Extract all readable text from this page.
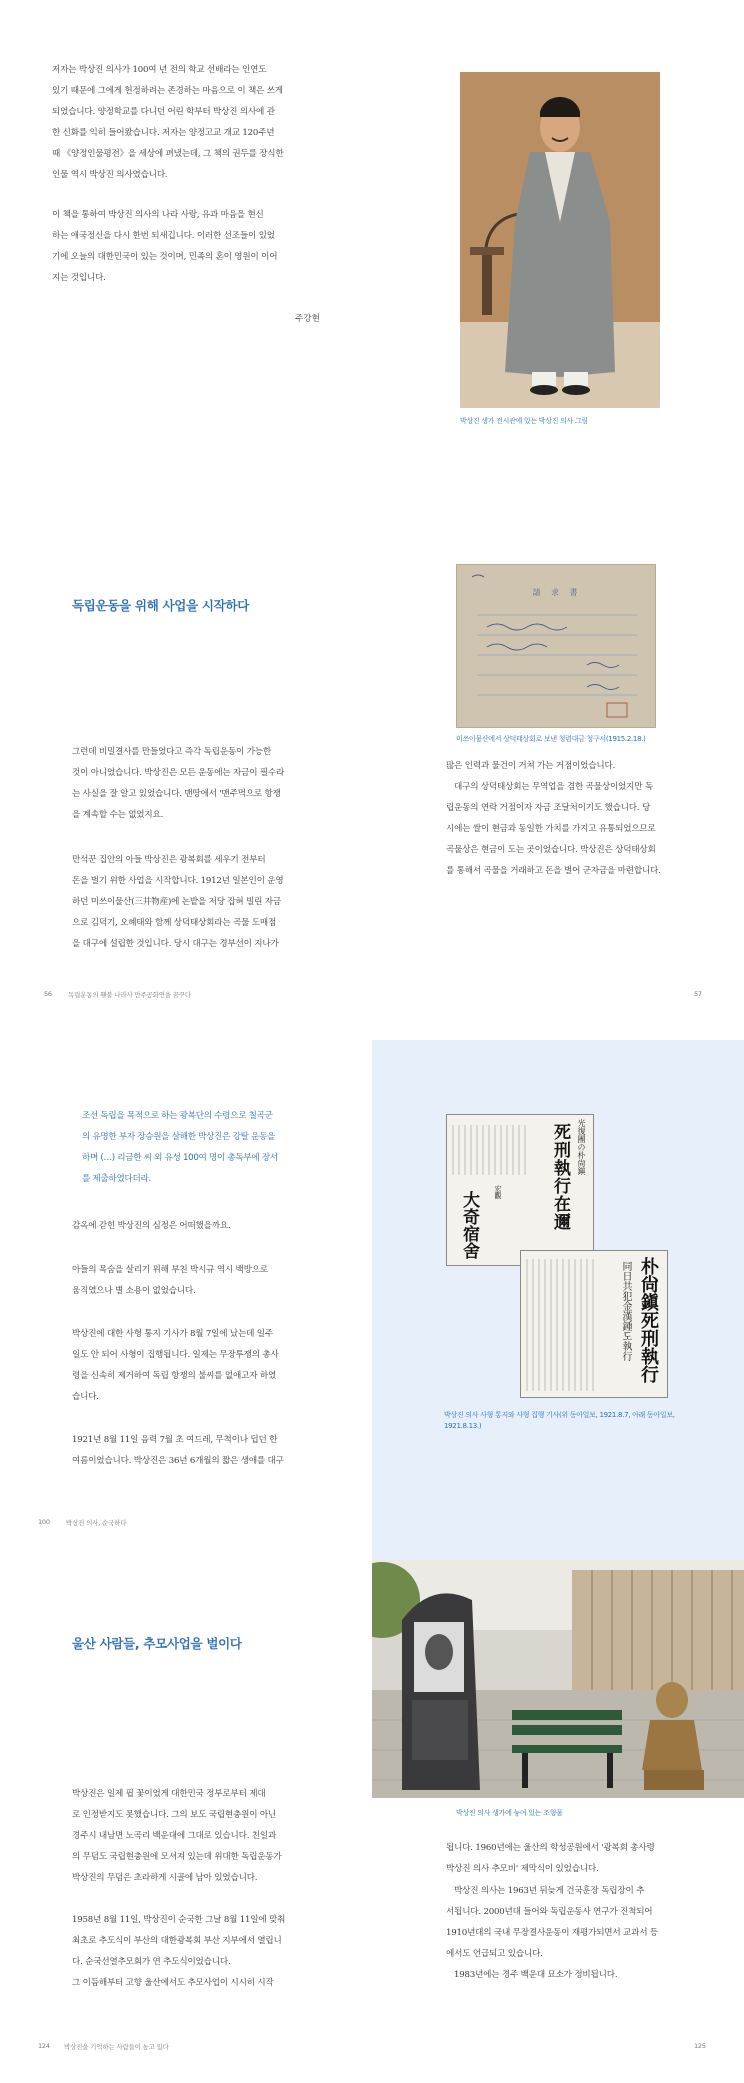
저자는 박상진 의사가 100여 년 전의 학교 선배라는 인연도
있기 때문에 그에게 헌정하려는 존경하는 마음으로 이 책은 쓰게
되었습니다. 양정학교를 다니던 어린 학부터 박상진 의사에 관
한 신화를 익히 들어왔습니다. 저자는 양정고교 개교 120주년
때 《양정인물평전》을 세상에 펴냈는데, 그 책의 권두를 장식한
인물 역시 박상진 의사였습니다.

이 책을 통하여 박상진 의사의 나라 사랑, 유과 마음을 현신
하는 애국정신을 다시 한번 되새깁니다. 이러한 선조들이 있었
기에 오늘의 대한민국이 있는 것이며, 민족의 혼이 영원이 이어
지는 것입니다.

주강현
박상진 생가 전시관에 있는 박상진 의사 그림
독립운동을 위해 사업을 시작하다

그런데 비밀결사를 만들었다고 즉각 독립운동이 가능한
것이 아니었습니다. 박상진은 모든 운동에는 자금이 필수라
는 사실을 잘 알고 있었습니다. 맨땅에서 '맨주먹으로 항쟁
을 계속할 수는 없었지요.

만석꾼 집안의 아들 박상진은 광복회를 세우기 전부터
돈을 벌기 위한 사업을 시작합니다. 1912년 일본인이 운영
하던 미쓰이물산(三井物産)에 논밭을 저당 잡혀 빌린 자금
으로 김덕기, 오혜태와 함께 상덕태상회라는 곡물 도매점
을 대구에 설립한 것입니다. 당시 대구는 경부선이 지나가

56 독립운동의 횃불 나라사 만주공화연을 꿈꾸다
請 求 書
미쓰이물산에서 상덕태상회로 보낸 청렴대금 청구서(1915.2.18.)

많은 인력과 물건이 거쳐 가는 거점이었습니다.

대구의 상덕태상회는 무역업을 겸한 곡물상이었지만 독
립운동의 연락 거점이자 자금 조달처이기도 했습니다. 당
시에는 쌀이 현금과 동일한 가치를 가지고 유통되었으므로
곡물상은 현금이 도는 곳이었습니다. 박상진은 상덕태상회
를 통해서 곡물을 거래하고 돈을 벌어 군자금을 마련합니다.

57

조선 독립을 목적으로 하는 광복단의 수령으로 칠곡군
의 유명한 부자 장승원을 살해한 박상진은 강탈 운동을
하며 (…) 리금한 씨 외 유성 100여 명이 총독부에 장서
를 제출하였다더라.

감옥에 갇힌 박상진의 심정은 어떠했을까요.

아들의 목숨을 살리기 위해 부친 박시규 역시 백방으로
움직였으나 별 소용이 없었습니다.

박상진에 대한 사형 통지 기사가 8월 7일에 났는데 일주
일도 안 되어 사형이 집행됩니다. 일제는 무장투쟁의 총사
령을 신속히 제거하여 독립 항쟁의 불씨를 없애고자 하였
습니다.

1921년 8월 11일 음력 7월 초 여드레, 무척이나 덥던 한
여름이었습니다. 박상진은 36년 6개월의 짧은 생애를 대구

100 박상진 의사, 순국하다
光復團の朴尙鎭
死刑執行在邇
宏觀
大奇宿舍
朴尙鎭死刑執行
同日共犯金漢鍾도執行
박상진 의사 사형 통지와 사형 집행 기사(위 동아일보, 1921.8.7, 아래 동아일보,
1921.8.13.)
울산 사람들, 추모사업을 벌이다

박상진은 일제 핍 꽃이었게 대한민국 정부로부터 제대
로 인정받지도 못했습니다. 그의 보도 국립현충원이 아닌
경주시 내남면 노곡리 백운대에 그대로 있습니다. 친일과
의 무덤도 국립현충원에 모셔져 있는데 위대한 독립운동가
박상진의 무덤은 초라하게 시골에 남아 있었습니다.

1958년 8월 11일, 박상진이 순국한 그날 8월 11일에 맞춰
최초로 추도식이 부산의 대한광복회 부산 지부에서 열립니
다. 순국선열추모회가 연 추도식이었습니다.
그 이듬해부터 고향 울산에서도 추모사업이 시시히 시작

124 박상진을 기억하는 사람들이 높고 있다
박상진 의사 생가에 놓여 있는 조형물

됩니다. 1960년에는 울산의 학성공원에서 '광복회 총사령
박상진 의사 추모비' 제막식이 있었습니다.

박상진 의사는 1963년 뒤늦게 건국훈장 독립장이 추
서됩니다. 2000년대 들어와 독립운동사 연구가 진척되어
1910년대의 국내 무장결사운동이 재평가되면서 교과서 등
에서도 언급되고 있습니다.

1983년에는 경주 백운대 묘소가 정비됩니다.

125
